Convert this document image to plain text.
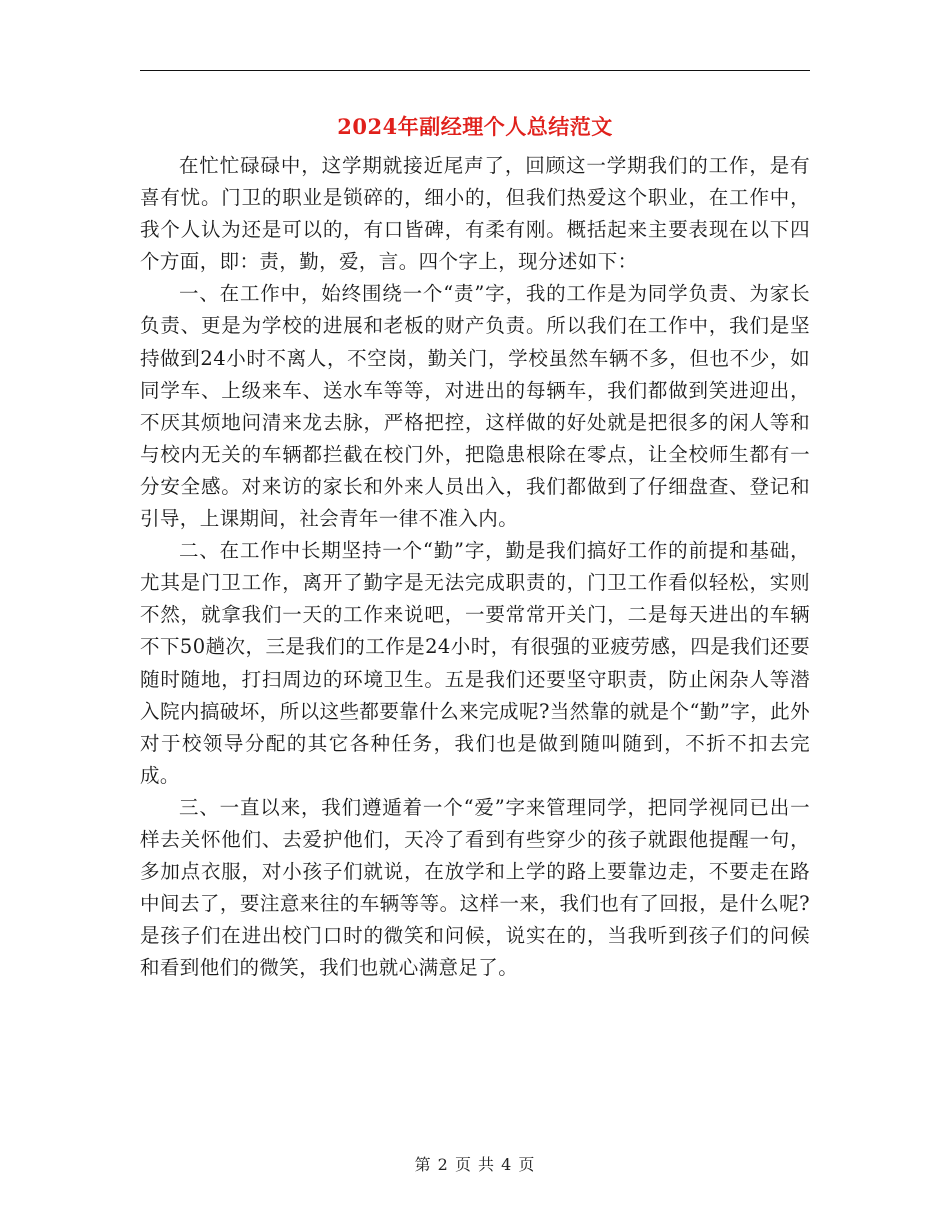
2024年副经理个人总结范文

在忙忙碌碌中，这学期就接近尾声了，回顾这一学期我们的工作，是有喜有忧。门卫的职业是锁碎的，细小的，但我们热爱这个职业，在工作中，我个人认为还是可以的，有口皆碑，有柔有刚。概括起来主要表现在以下四个方面，即：责，勤，爱，言。四个字上，现分述如下：

一、在工作中，始终围绕一个“责”字，我的工作是为同学负责、为家长负责、更是为学校的进展和老板的财产负责。所以我们在工作中，我们是坚持做到24小时不离人，不空岗，勤关门，学校虽然车辆不多，但也不少，如同学车、上级来车、送水车等等，对进出的每辆车，我们都做到笑进迎出，不厌其烦地问清来龙去脉，严格把控，这样做的好处就是把很多的闲人等和与校内无关的车辆都拦截在校门外，把隐患根除在零点，让全校师生都有一分安全感。对来访的家长和外来人员出入，我们都做到了仔细盘查、登记和引导，上课期间，社会青年一律不准入内。

二、在工作中长期坚持一个“勤”字，勤是我们搞好工作的前提和基础，尤其是门卫工作，离开了勤字是无法完成职责的，门卫工作看似轻松，实则不然，就拿我们一天的工作来说吧，一要常常开关门，二是每天进出的车辆不下50趟次，三是我们的工作是24小时，有很强的亚疲劳感，四是我们还要随时随地，打扫周边的环境卫生。五是我们还要坚守职责，防止闲杂人等潜入院内搞破坏，所以这些都要靠什么来完成呢?当然靠的就是个“勤”字，此外对于校领导分配的其它各种任务，我们也是做到随叫随到，不折不扣去完成。

三、一直以来，我们遵遁着一个“爱”字来管理同学，把同学视同已出一样去关怀他们、去爱护他们，天冷了看到有些穿少的孩子就跟他提醒一句，多加点衣服，对小孩子们就说，在放学和上学的路上要靠边走，不要走在路中间去了，要注意来往的车辆等等。这样一来，我们也有了回报，是什么呢?是孩子们在进出校门口时的微笑和问候，说实在的，当我听到孩子们的问候和看到他们的微笑，我们也就心满意足了。

第 2 页 共 4 页
